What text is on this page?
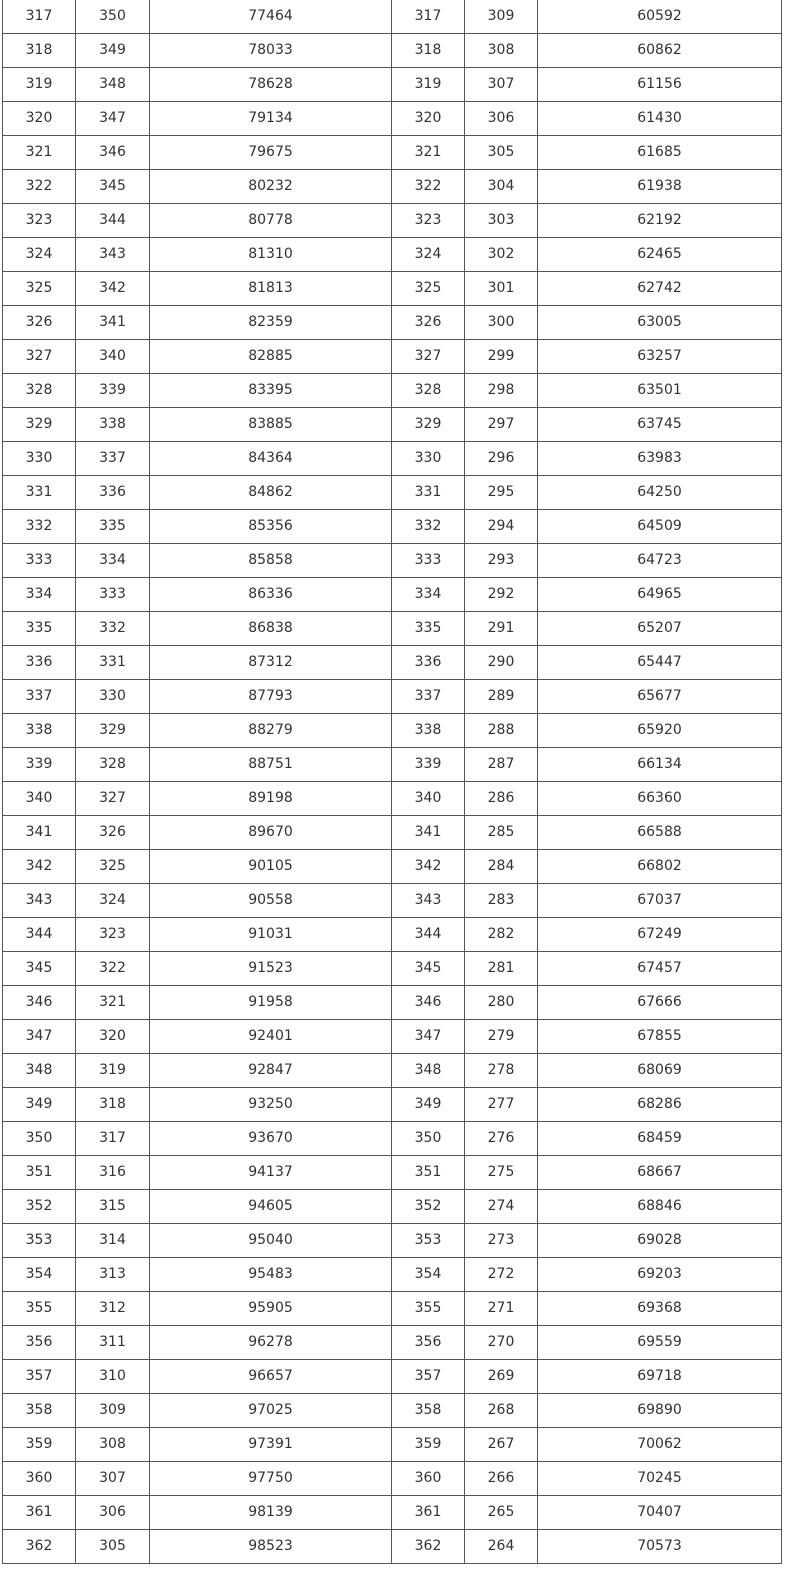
317	350	77464	317	309	60592
318	349	78033	318	308	60862
319	348	78628	319	307	61156
320	347	79134	320	306	61430
321	346	79675	321	305	61685
322	345	80232	322	304	61938
323	344	80778	323	303	62192
324	343	81310	324	302	62465
325	342	81813	325	301	62742
326	341	82359	326	300	63005
327	340	82885	327	299	63257
328	339	83395	328	298	63501
329	338	83885	329	297	63745
330	337	84364	330	296	63983
331	336	84862	331	295	64250
332	335	85356	332	294	64509
333	334	85858	333	293	64723
334	333	86336	334	292	64965
335	332	86838	335	291	65207
336	331	87312	336	290	65447
337	330	87793	337	289	65677
338	329	88279	338	288	65920
339	328	88751	339	287	66134
340	327	89198	340	286	66360
341	326	89670	341	285	66588
342	325	90105	342	284	66802
343	324	90558	343	283	67037
344	323	91031	344	282	67249
345	322	91523	345	281	67457
346	321	91958	346	280	67666
347	320	92401	347	279	67855
348	319	92847	348	278	68069
349	318	93250	349	277	68286
350	317	93670	350	276	68459
351	316	94137	351	275	68667
352	315	94605	352	274	68846
353	314	95040	353	273	69028
354	313	95483	354	272	69203
355	312	95905	355	271	69368
356	311	96278	356	270	69559
357	310	96657	357	269	69718
358	309	97025	358	268	69890
359	308	97391	359	267	70062
360	307	97750	360	266	70245
361	306	98139	361	265	70407
362	305	98523	362	264	70573
